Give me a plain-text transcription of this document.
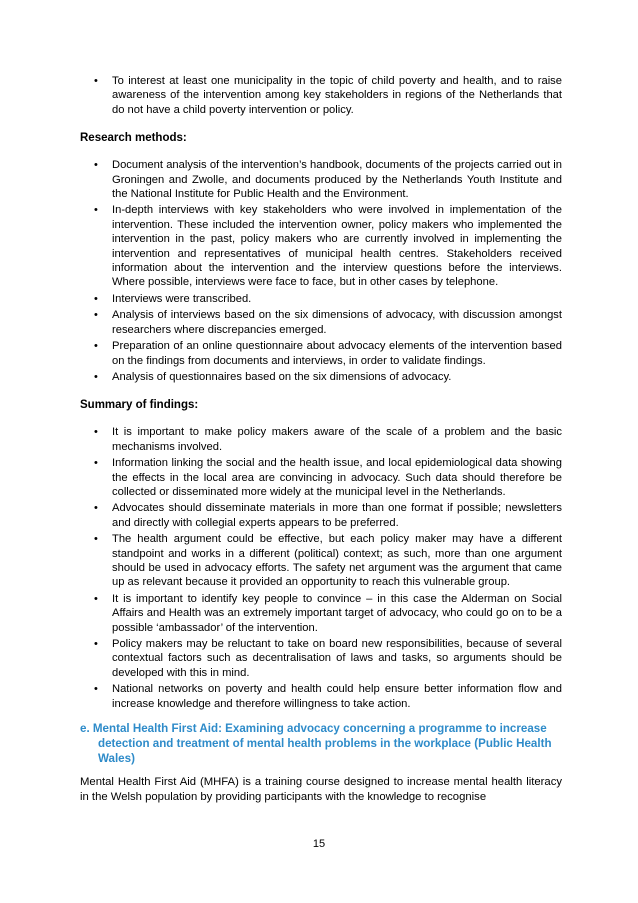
• To interest at least one municipality in the topic of child poverty and health, and to raise awareness of the intervention among key stakeholders in regions of the Netherlands that do not have a child poverty intervention or policy.
Research methods:
• Document analysis of the intervention’s handbook, documents of the projects carried out in Groningen and Zwolle, and documents produced by the Netherlands Youth Institute and the National Institute for Public Health and the Environment.
• In-depth interviews with key stakeholders who were involved in implementation of the intervention. These included the intervention owner, policy makers who implemented the intervention in the past, policy makers who are currently involved in implementing the intervention and representatives of municipal health centres. Stakeholders received information about the intervention and the interview questions before the interviews. Where possible, interviews were face to face, but in other cases by telephone.
• Interviews were transcribed.
• Analysis of interviews based on the six dimensions of advocacy, with discussion amongst researchers where discrepancies emerged.
• Preparation of an online questionnaire about advocacy elements of the intervention based on the findings from documents and interviews, in order to validate findings.
• Analysis of questionnaires based on the six dimensions of advocacy.
Summary of findings:
• It is important to make policy makers aware of the scale of a problem and the basic mechanisms involved.
• Information linking the social and the health issue, and local epidemiological data showing the effects in the local area are convincing in advocacy. Such data should therefore be collected or disseminated more widely at the municipal level in the Netherlands.
• Advocates should disseminate materials in more than one format if possible; newsletters and directly with collegial experts appears to be preferred.
• The health argument could be effective, but each policy maker may have a different standpoint and works in a different (political) context; as such, more than one argument should be used in advocacy efforts. The safety net argument was the argument that came up as relevant because it provided an opportunity to reach this vulnerable group.
• It is important to identify key people to convince – in this case the Alderman on Social Affairs and Health was an extremely important target of advocacy, who could go on to be a possible ‘ambassador’ of the intervention.
• Policy makers may be reluctant to take on board new responsibilities, because of several contextual factors such as decentralisation of laws and tasks, so arguments should be developed with this in mind.
• National networks on poverty and health could help ensure better information flow and increase knowledge and therefore willingness to take action.
e. Mental Health First Aid: Examining advocacy concerning a programme to increase detection and treatment of mental health problems in the workplace (Public Health Wales)

Mental Health First Aid (MHFA) is a training course designed to increase mental health literacy in the Welsh population by providing participants with the knowledge to recognise

15
